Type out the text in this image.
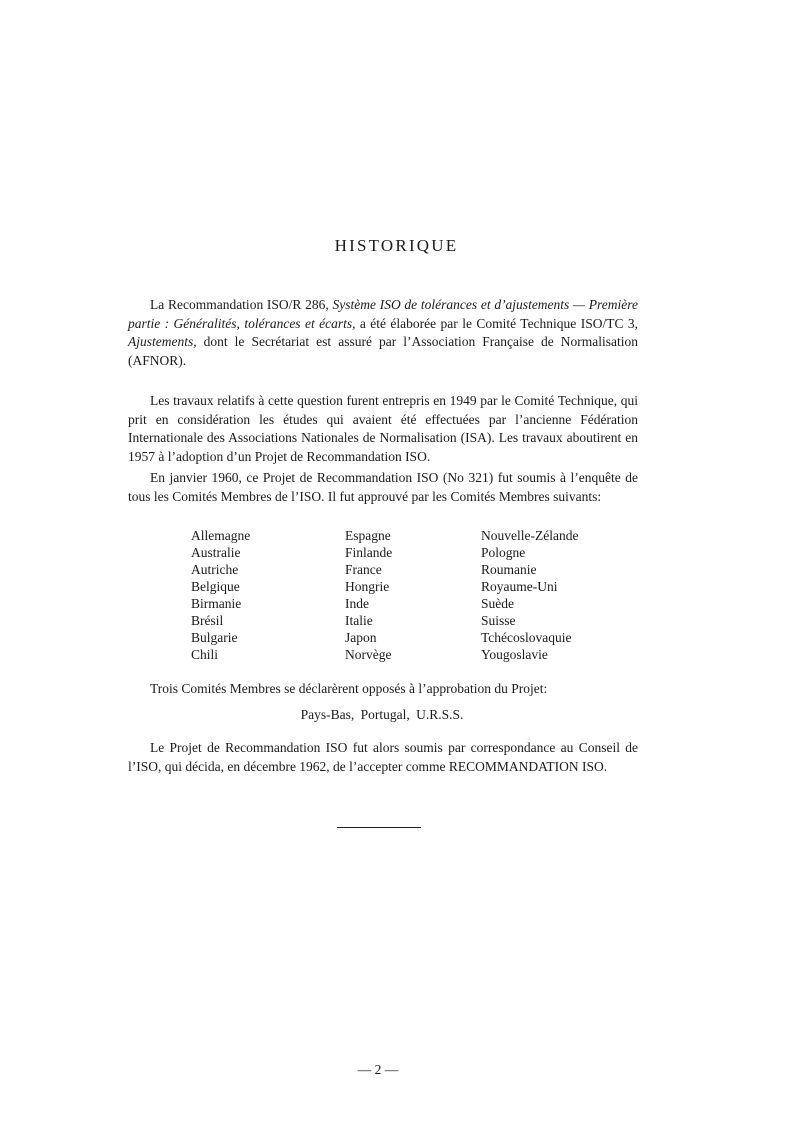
HISTORIQUE

La Recommandation ISO/R 286, Système ISO de tolérances et d’ajustements — Première partie : Généralités, tolérances et écarts, a été élaborée par le Comité Technique ISO/TC 3, Ajustements, dont le Secrétariat est assuré par l’Association Française de Normalisation (AFNOR).

Les travaux relatifs à cette question furent entrepris en 1949 par le Comité Technique, qui prit en considération les études qui avaient été effectuées par l’ancienne Fédération Internationale des Associations Nationales de Normalisation (ISA). Les travaux aboutirent en 1957 à l’adoption d’un Projet de Recommandation ISO.

En janvier 1960, ce Projet de Recommandation ISO (No 321) fut soumis à l’enquête de tous les Comités Membres de l’ISO. Il fut approuvé par les Comités Membres suivants:

Allemagne
Australie
Autriche
Belgique
Birmanie
Brésil
Bulgarie
Chili
Espagne
Finlande
France
Hongrie
Inde
Italie
Japon
Norvège
Nouvelle-Zélande
Pologne
Roumanie
Royaume-Uni
Suède
Suisse
Tchécoslovaquie
Yougoslavie

Trois Comités Membres se déclarèrent opposés à l’approbation du Projet:

Pays-Bas, Portugal, U.R.S.S.

Le Projet de Recommandation ISO fut alors soumis par correspondance au Conseil de l’ISO, qui décida, en décembre 1962, de l’accepter comme RECOMMANDATION ISO.

— 2 —
